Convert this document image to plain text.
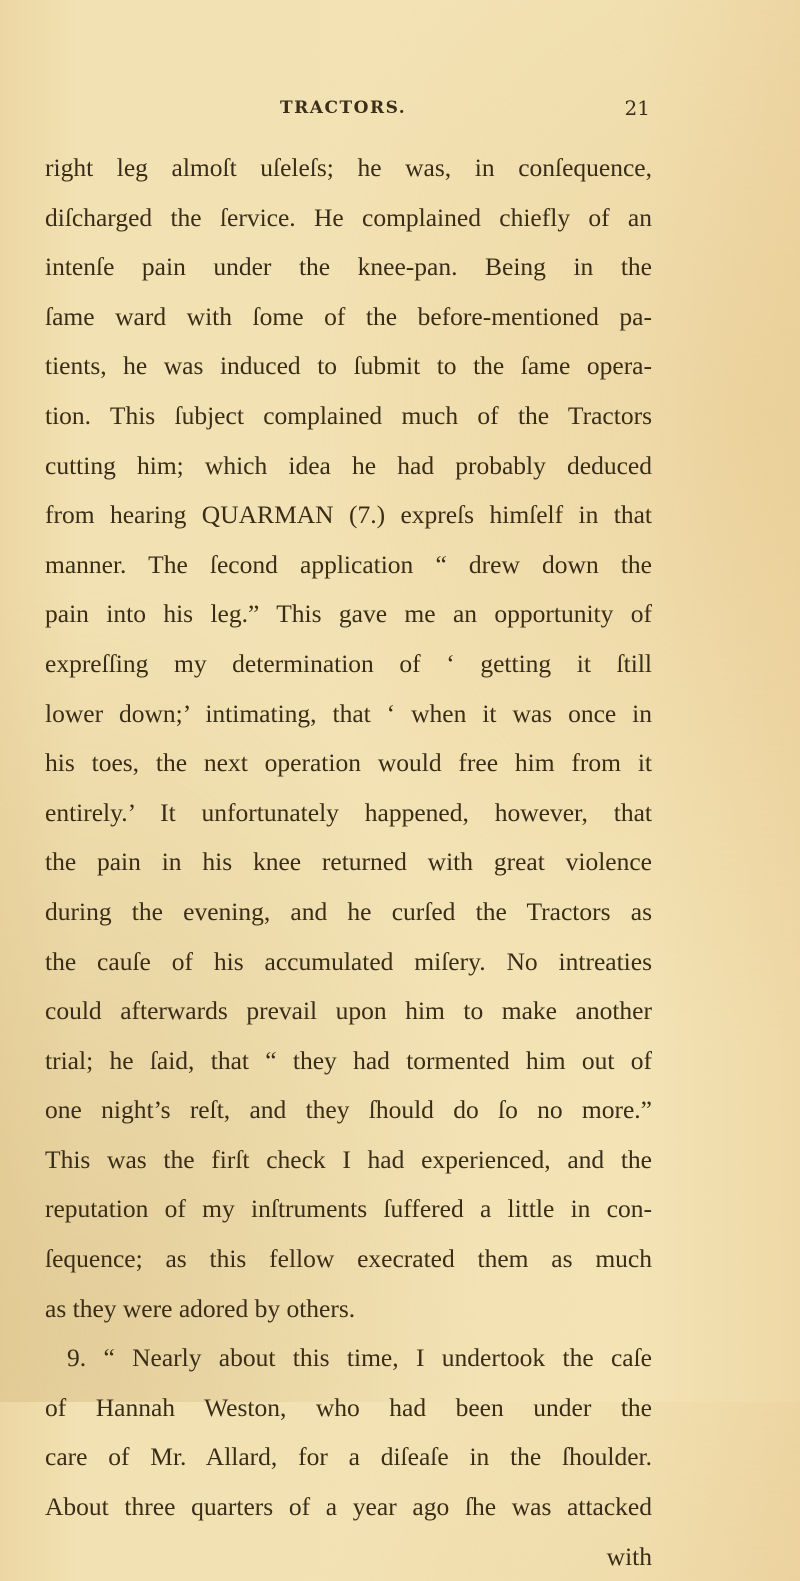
TRACTORS.	21
right leg almoſt uſeleſs; he was, in conſequence,
diſcharged the ſervice. He complained chiefly of an
intenſe pain under the knee-pan. Being in the
ſame ward with ſome of the before-mentioned pa-
tients, he was induced to ſubmit to the ſame opera-
tion. This ſubject complained much of the Tractors
cutting him; which idea he had probably deduced
from hearing QUARMAN (7.) expreſs himſelf in that
manner. The ſecond application “ drew down the
pain into his leg.” This gave me an opportunity of
expreſſing my determination of ‘ getting it ſtill
lower down;’ intimating, that ‘ when it was once in
his toes, the next operation would free him from it
entirely.’ It unfortunately happened, however, that
the pain in his knee returned with great violence
during the evening, and he curſed the Tractors as
the cauſe of his accumulated miſery. No intreaties
could afterwards prevail upon him to make another
trial; he ſaid, that “ they had tormented him out of
one night’s reſt, and they ſhould do ſo no more.”
This was the firſt check I had experienced, and the
reputation of my inſtruments ſuffered a little in con-
ſequence; as this fellow execrated them as much
as they were adored by others.
9. “ Nearly about this time, I undertook the caſe
of Hannah Weston, who had been under the
care of Mr. Allard, for a diſeaſe in the ſhoulder.
About three quarters of a year ago ſhe was attacked
with
